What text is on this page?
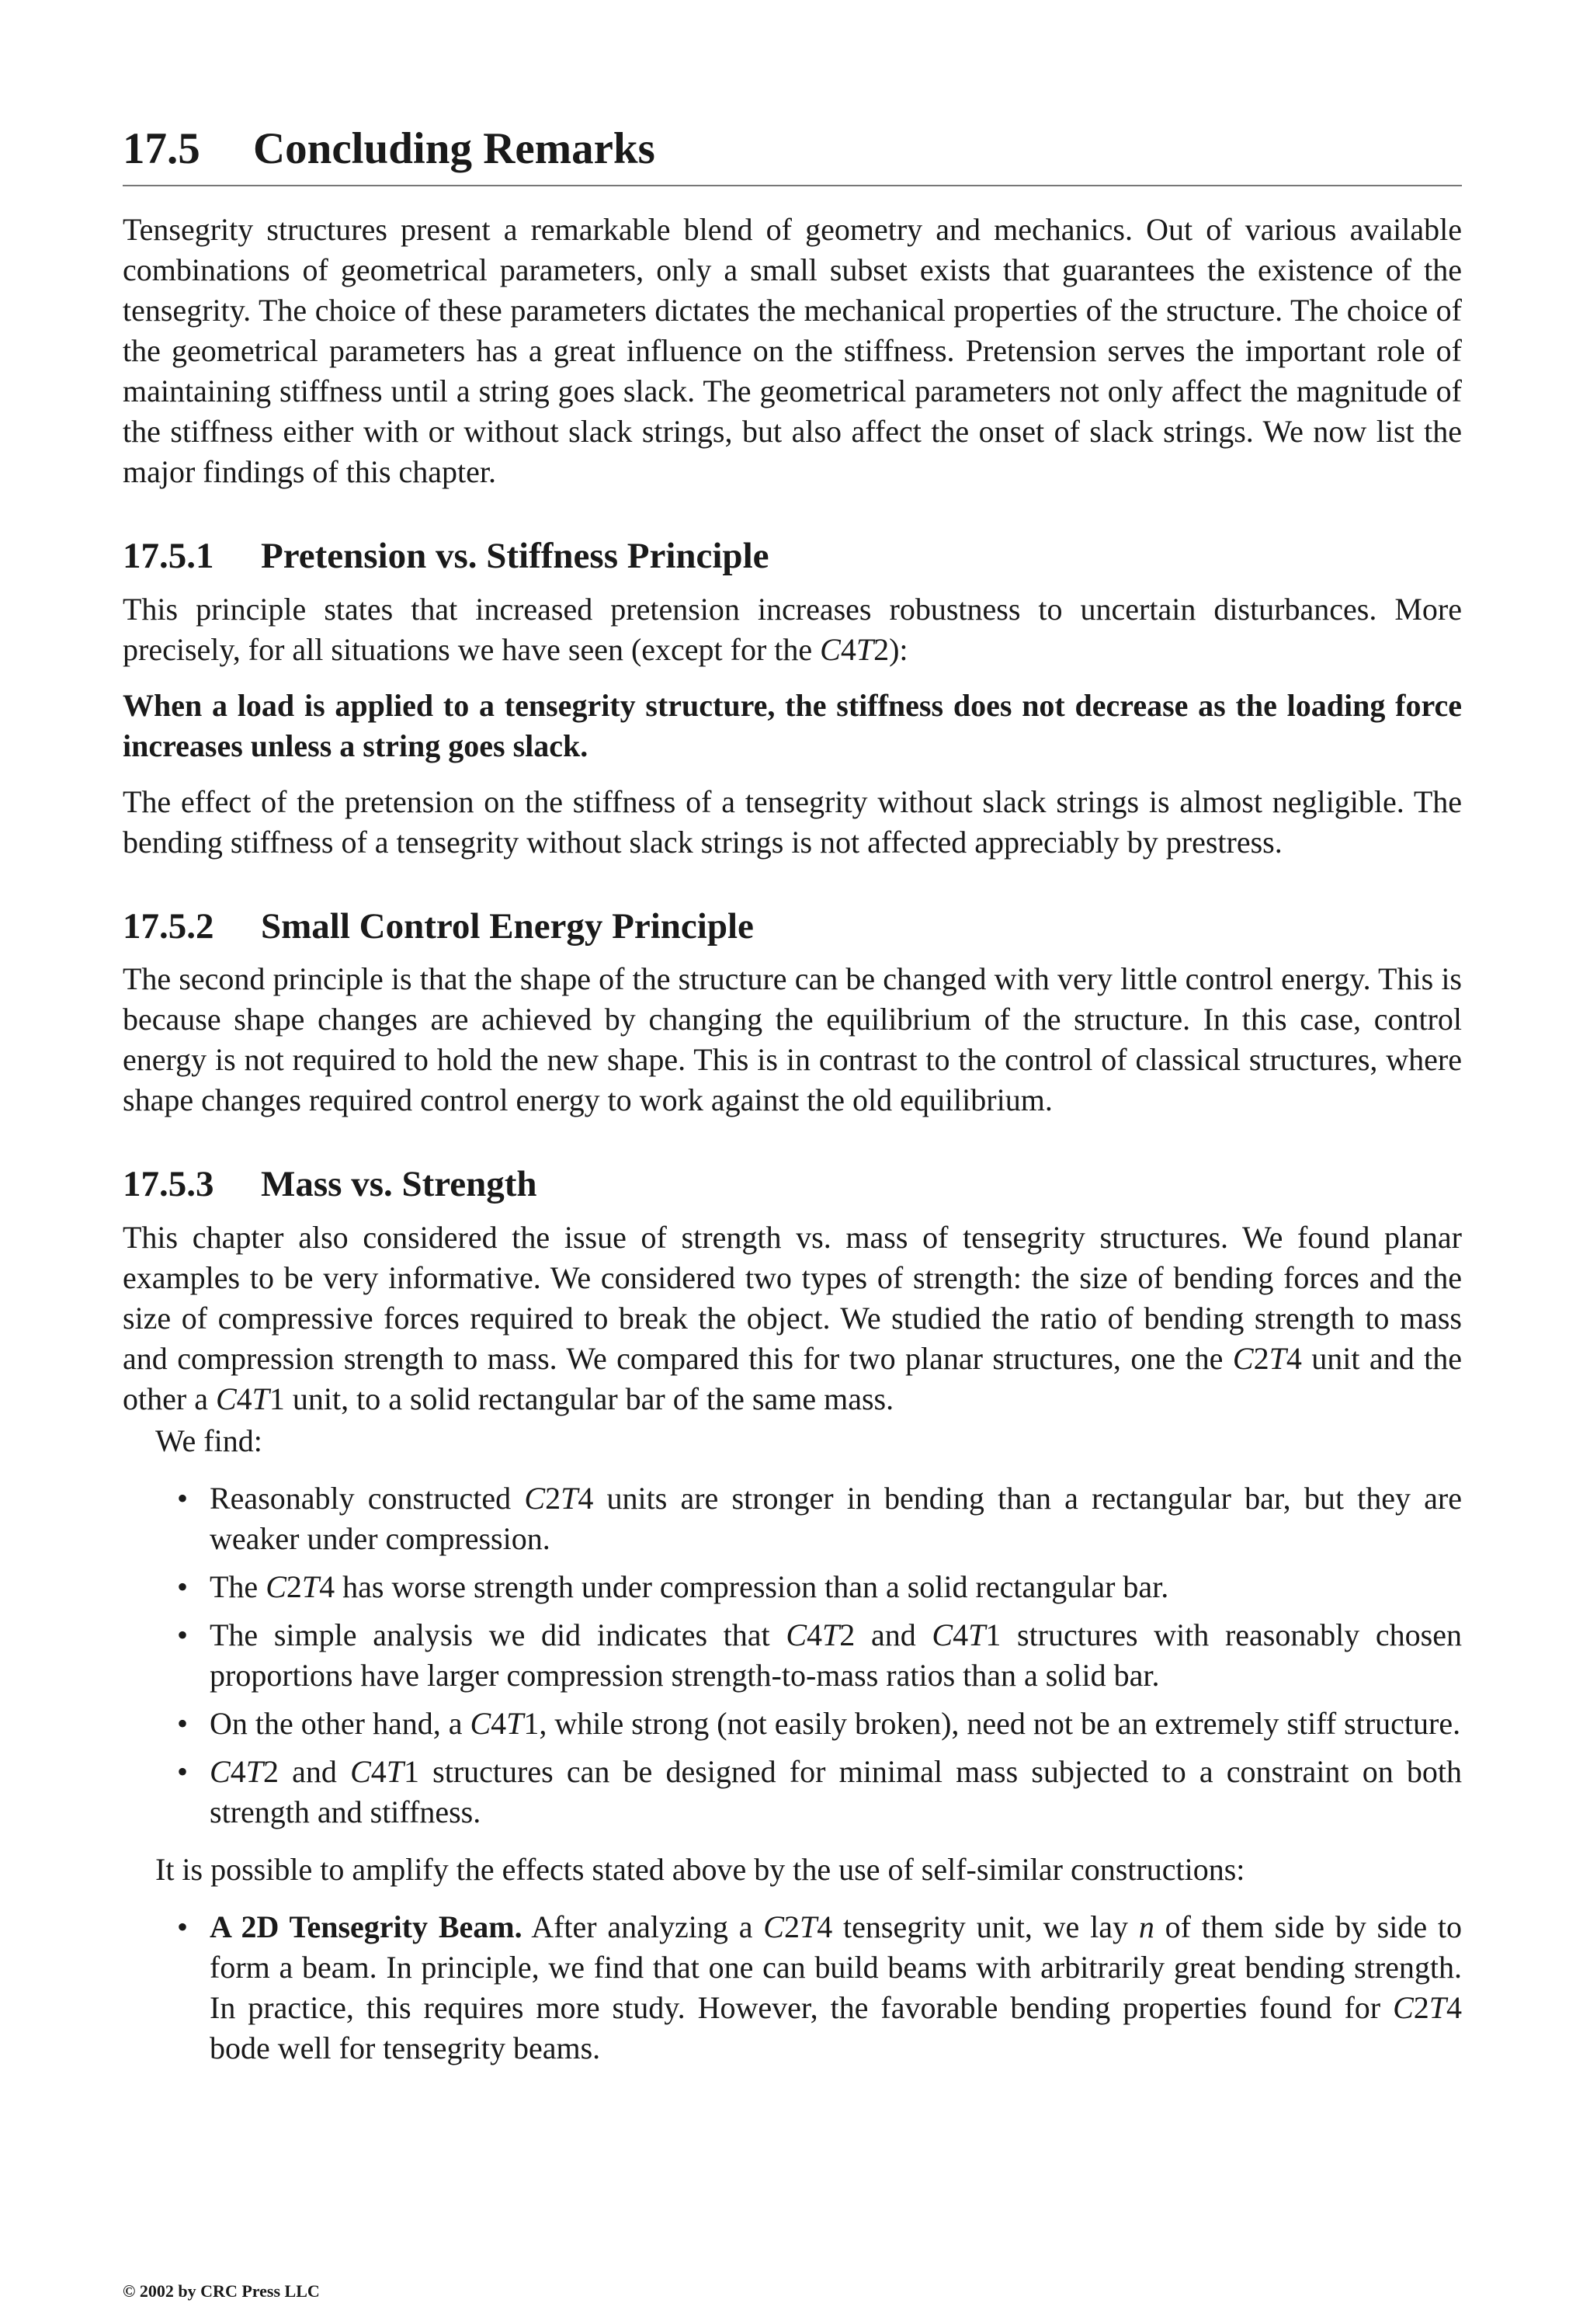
17.5 Concluding Remarks

Tensegrity structures present a remarkable blend of geometry and mechanics. Out of various available combinations of geometrical parameters, only a small subset exists that guarantees the existence of the tensegrity. The choice of these parameters dictates the mechanical properties of the structure. The choice of the geometrical parameters has a great influence on the stiffness. Pretension serves the important role of maintaining stiffness until a string goes slack. The geometrical parameters not only affect the magnitude of the stiffness either with or without slack strings, but also affect the onset of slack strings. We now list the major findings of this chapter.

17.5.1 Pretension vs. Stiffness Principle

This principle states that increased pretension increases robustness to uncertain disturbances. More precisely, for all situations we have seen (except for the C4T2):

When a load is applied to a tensegrity structure, the stiffness does not decrease as the loading force increases unless a string goes slack.

The effect of the pretension on the stiffness of a tensegrity without slack strings is almost negligible. The bending stiffness of a tensegrity without slack strings is not affected appreciably by prestress.

17.5.2 Small Control Energy Principle

The second principle is that the shape of the structure can be changed with very little control energy. This is because shape changes are achieved by changing the equilibrium of the structure. In this case, control energy is not required to hold the new shape. This is in contrast to the control of classical structures, where shape changes required control energy to work against the old equilibrium.

17.5.3 Mass vs. Strength

This chapter also considered the issue of strength vs. mass of tensegrity structures. We found planar examples to be very informative. We considered two types of strength: the size of bending forces and the size of compressive forces required to break the object. We studied the ratio of bending strength to mass and compression strength to mass. We compared this for two planar structures, one the C2T4 unit and the other a C4T1 unit, to a solid rectangular bar of the same mass.

We find:

• Reasonably constructed C2T4 units are stronger in bending than a rectangular bar, but they are weaker under compression.
• The C2T4 has worse strength under compression than a solid rectangular bar.
• The simple analysis we did indicates that C4T2 and C4T1 structures with reasonably chosen proportions have larger compression strength-to-mass ratios than a solid bar.
• On the other hand, a C4T1, while strong (not easily broken), need not be an extremely stiff structure.
• C4T2 and C4T1 structures can be designed for minimal mass subjected to a constraint on both strength and stiffness.

It is possible to amplify the effects stated above by the use of self-similar constructions:

• A 2D Tensegrity Beam. After analyzing a C2T4 tensegrity unit, we lay n of them side by side to form a beam. In principle, we find that one can build beams with arbitrarily great bending strength. In practice, this requires more study. However, the favorable bending properties found for C2T4 bode well for tensegrity beams.
© 2002 by CRC Press LLC
